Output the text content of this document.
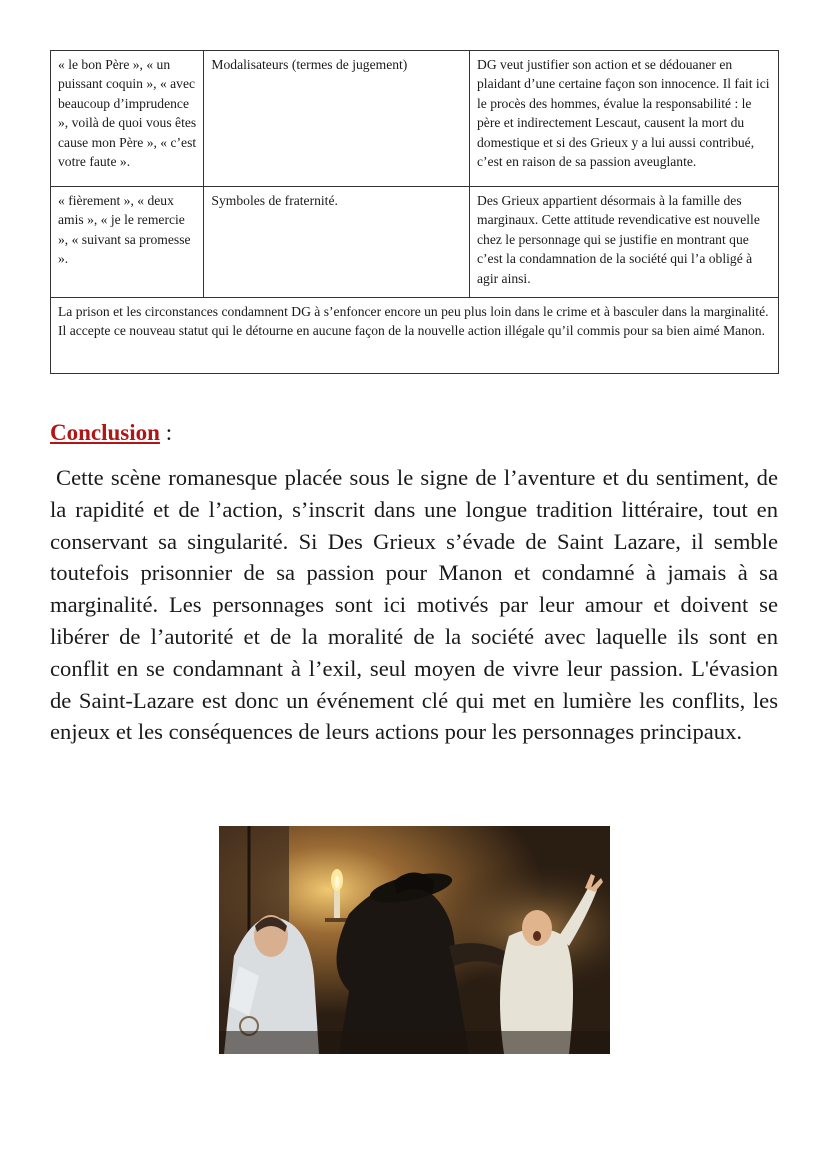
« le bon Père », « un puissant coquin », « avec beaucoup d’imprudence », voilà de quoi vous êtes cause mon Père », « c’est votre faute ».	Modalisateurs (termes de jugement)	DG veut justifier son action et se dédouaner en plaidant d’une certaine façon son innocence. Il fait ici le procès des hommes, évalue la responsabilité : le père et indirectement Lescaut, causent la mort du domestique et si des Grieux y a lui aussi contribué, c’est en raison de sa passion aveuglante.
« fièrement », « deux amis », « je le remercie », « suivant sa promesse ».	Symboles de fraternité.	Des Grieux appartient désormais à la famille des marginaux. Cette attitude revendicative est nouvelle chez le personnage qui se justifie en montrant que c’est la condamnation de la société qui l’a obligé à agir ainsi.
La prison et les circonstances condamnent DG à s’enfoncer encore un peu plus loin dans le crime et à basculer dans la marginalité. Il accepte ce nouveau statut qui le détourne en aucune façon de la nouvelle action illégale qu’il commis pour sa bien aimé Manon.		
Conclusion :

Cette scène romanesque placée sous le signe de l’aventure et du sentiment, de la rapidité et de l’action, s’inscrit dans une longue tradition littéraire, tout en conservant sa singularité. Si Des Grieux s’évade de Saint Lazare, il semble toutefois prisonnier de sa passion pour Manon et condamné à jamais à sa marginalité. Les personnages sont ici motivés par leur amour et doivent se libérer de l’autorité et de la moralité de la société avec laquelle ils sont en conflit en se condamnant à l’exil, seul moyen de vivre leur passion. L'évasion de Saint-Lazare est donc un événement clé qui met en lumière les conflits, les enjeux et les conséquences de leurs actions pour les personnages principaux.
